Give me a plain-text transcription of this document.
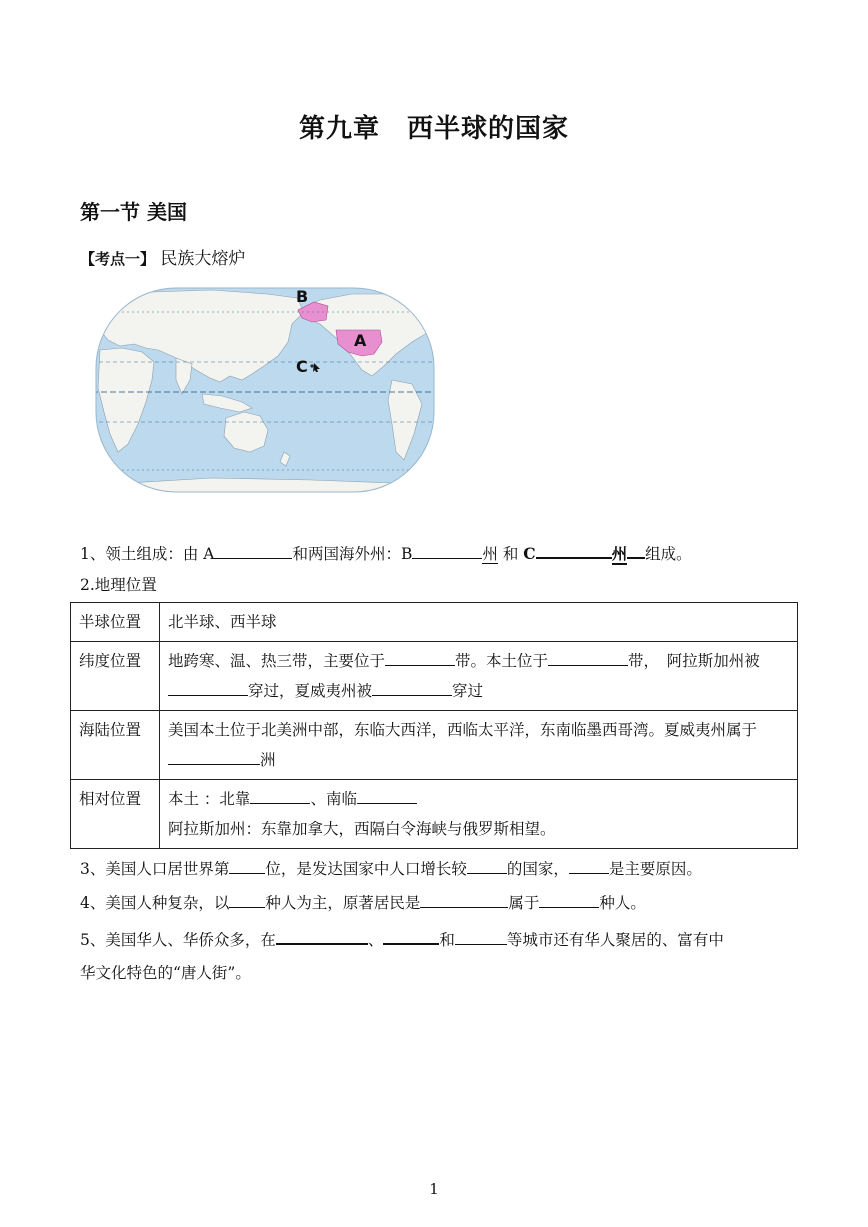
第九章　西半球的国家
第一节 美国
【考点一】 民族大熔炉
B
A
C
1、领土组成：由 A	和两国海外州：B	州 和 C	州 组成。
2.地理位置
半球位置	北半球、西半球
纬度位置	地跨寒、温、热三带，主要位于 带。本土位于 带，　阿拉斯加州被穿过，夏威夷州被 穿过
海陆位置	美国本土位于北美洲中部，东临大西洋，西临太平洋，东南临墨西哥湾。夏威夷州属于洲
相对位置	本土 ：北靠 、南临
阿拉斯加州：东靠加拿大，西隔白令海峡与俄罗斯相望。
3、美国人口居世界第 位，是发达国家中人口增长较	的国家，	是主要原因。
4、美国人种复杂，以 种人为主，原著居民是	属于	种人。
5、美国华人、华侨众多，在	、	和	等城市还有华人聚居的、富有中
华文化特色的“唐人街”。
1
